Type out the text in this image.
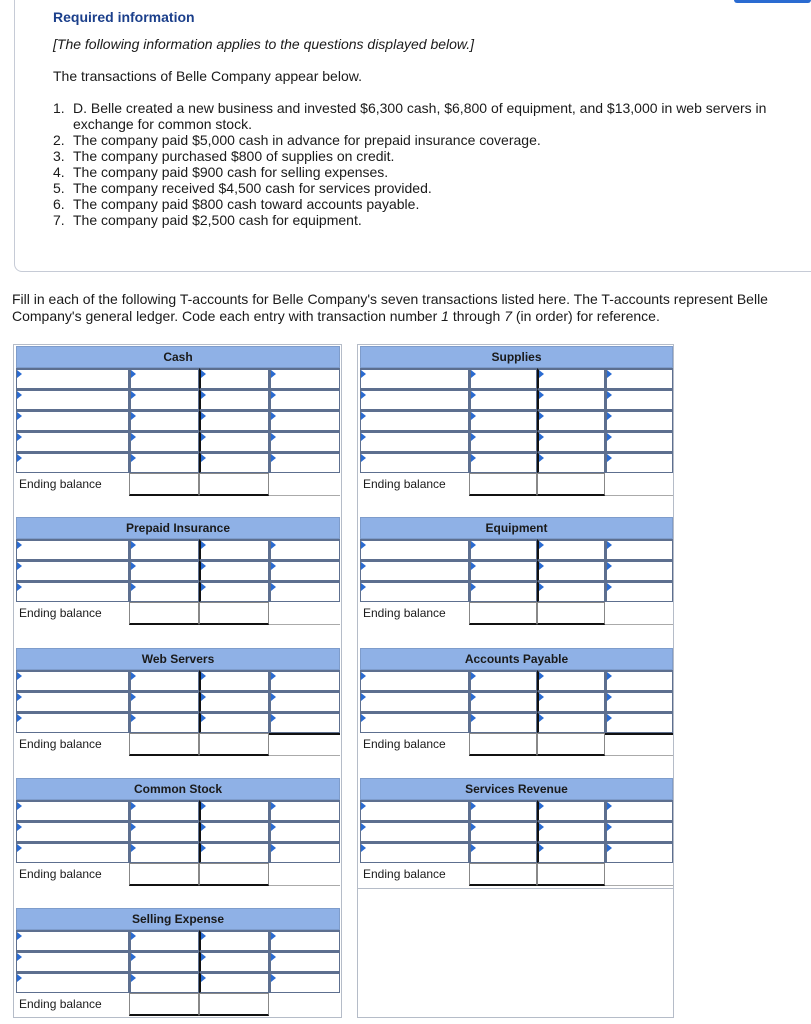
Required information
[The following information applies to the questions displayed below.]
The transactions of Belle Company appear below.
1. D. Belle created a new business and invested $6,300 cash, $6,800 of equipment, and $13,000 in web servers in exchange for common stock.
2. The company paid $5,000 cash in advance for prepaid insurance coverage.
3. The company purchased $800 of supplies on credit.
4. The company paid $900 cash for selling expenses.
5. The company received $4,500 cash for services provided.
6. The company paid $800 cash toward accounts payable.
7. The company paid $2,500 cash for equipment.
Fill in each of the following T-accounts for Belle Company's seven transactions listed here. The T-accounts represent Belle
Company's general ledger. Code each entry with transaction number 1 through 7 (in order) for reference.
Cash
Ending balance
Supplies
Ending balance
Prepaid Insurance
Ending balance
Equipment
Ending balance
Web Servers
Ending balance
Accounts Payable
Ending balance
Common Stock
Ending balance
Services Revenue
Ending balance
Selling Expense
Ending balance
